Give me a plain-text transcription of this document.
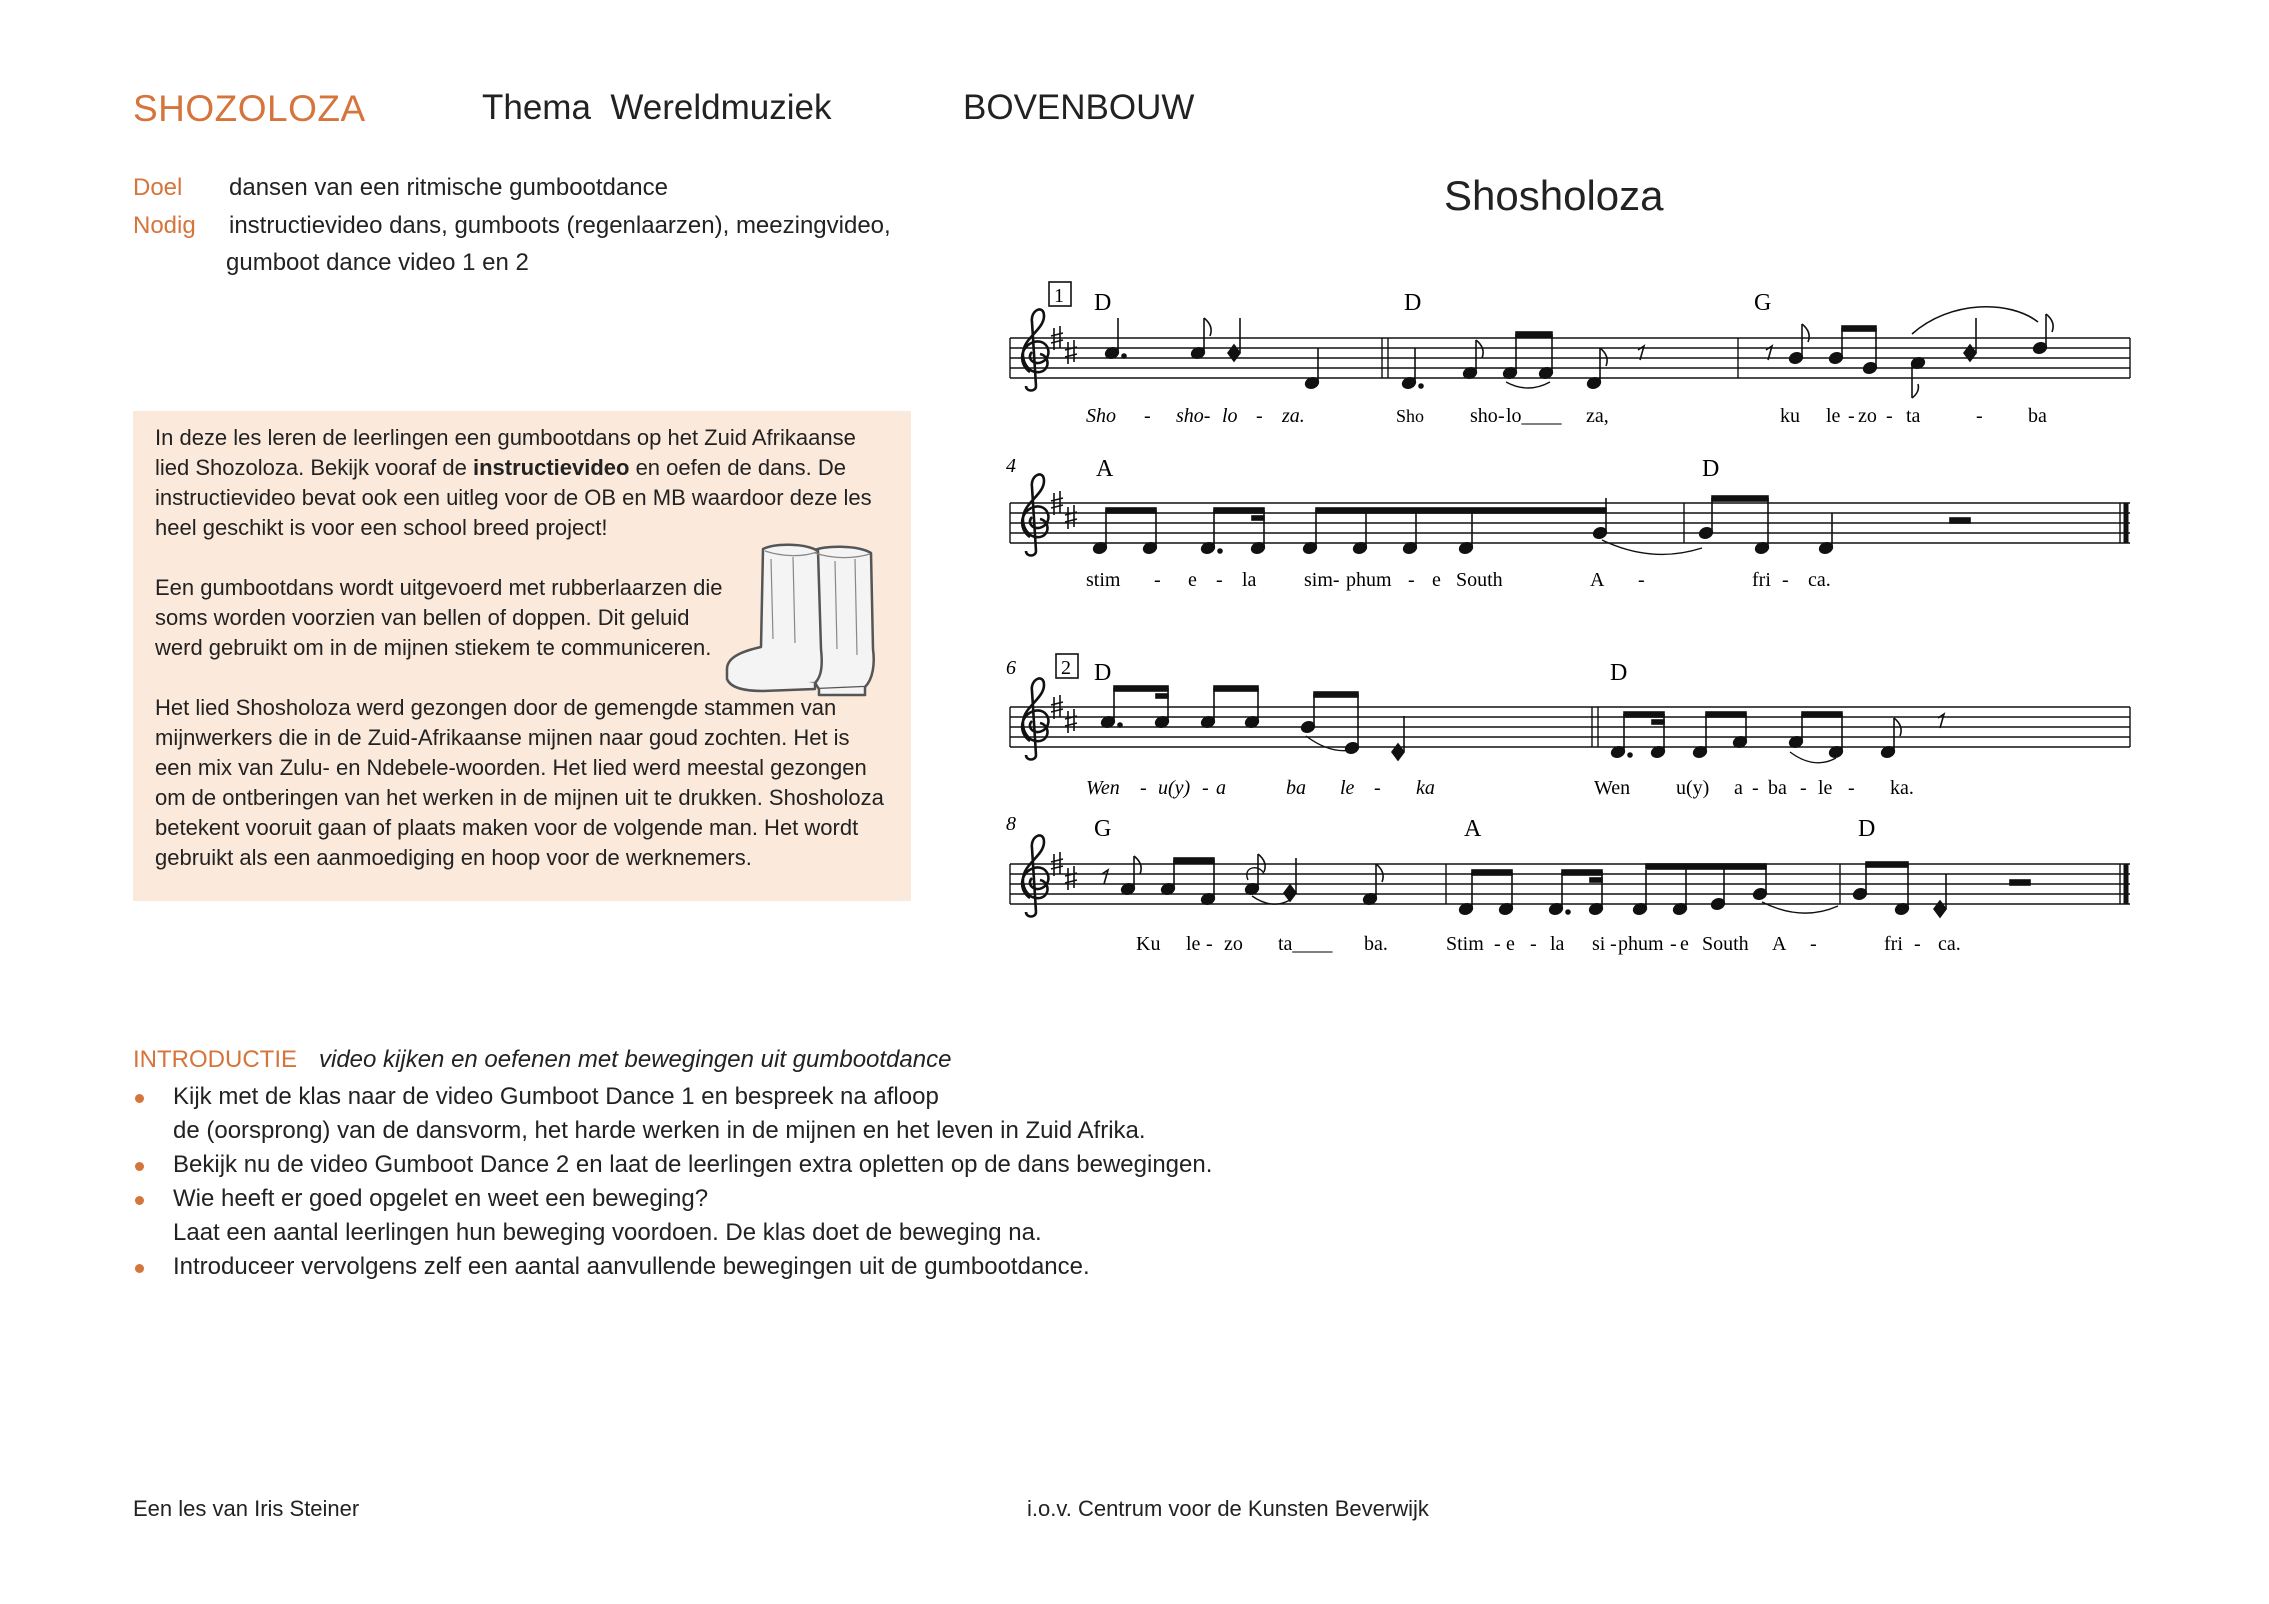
SHOZOLOZA	Thema  Wereldmuziek	BOVENBOUW
Doel dansen van een ritmische gumbootdance
Nodig instructievideo dans, gumboots (regenlaarzen), meezingvideo,
gumboot dance video 1 en 2

In deze les leren de leerlingen een gumbootdans op het Zuid Afrikaanse lied Shozoloza. Bekijk vooraf de instructievideo en oefen de dans. De instructievideo bevat ook een uitleg voor de OB en MB waardoor deze les heel geschikt is voor een school breed project!

Een gumbootdans wordt uitgevoerd met rubberlaarzen die soms worden voorzien van bellen of doppen. Dit geluid werd gebruikt om in de mijnen stiekem te communiceren.

Het lied Shosholoza werd gezongen door de gemengde stammen van mijnwerkers die in de Zuid-Afrikaanse mijnen naar goud zochten. Het is een mix van Zulu- en Ndebele-woorden. Het lied werd meestal gezongen om de ontberingen van het werken in de mijnen uit te drukken. Shosholoza betekent vooruit gaan of plaats maken voor de volgende man. Het wordt gebruikt als een aanmoediging en hoop voor de werknemers.

Shosholoza
1 D	D	G
Sho - sho- lo - za.	Sho sho - lo____ za,	ku le - zo - ta	- ba
4	A	D
stim - e - la sim- phum - e South	A -	fri - ca.
6 2 D	D
Wen - u(y) - a	ba le - ka	Wen u(y) a - ba - le - ka.
8	G	A	D
Ku le - zo ta____ ba.	Stim - e - la si - phum - e South A -	fri - ca.
INTRODUCTIE video kijken en oefenen met bewegingen uit gumbootdance
Kijk met de klas naar de video Gumboot Dance 1 en bespreek na afloop
de (oorsprong) van de dansvorm, het harde werken in de mijnen en het leven in Zuid Afrika.
Bekijk nu de video Gumboot Dance 2 en laat de leerlingen extra opletten op de dans bewegingen.
Wie heeft er goed opgelet en weet een beweging?
Laat een aantal leerlingen hun beweging voordoen. De klas doet de beweging na.
Introduceer vervolgens zelf een aantal aanvullende bewegingen uit de gumbootdance.
Een les van Iris Steiner	i.o.v. Centrum voor de Kunsten Beverwijk
